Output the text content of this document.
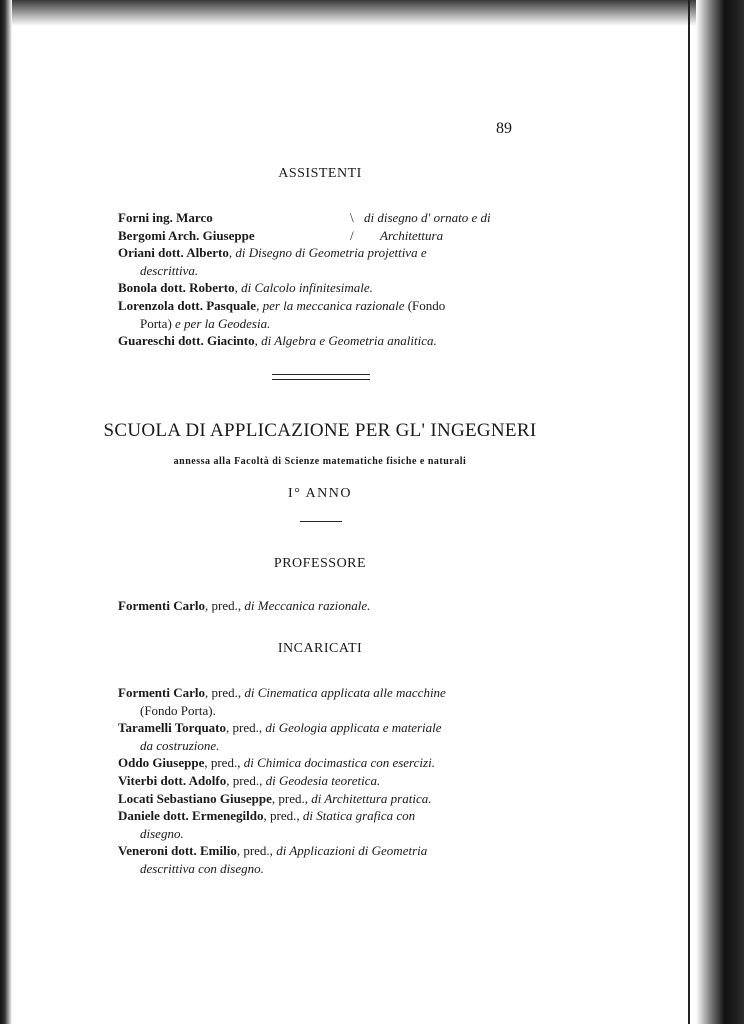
89
ASSISTENTI
Forni ing. Marco	\ di disegno d' ornato e di
Bergomi Arch. Giuseppe	/	Architettura
Oriani dott. Alberto, di Disegno di Geometria projettiva e
descrittiva.
Bonola dott. Roberto, di Calcolo infinitesimale.
Lorenzola dott. Pasquale, per la meccanica razionale (Fondo
Porta) e per la Geodesia.
Guareschi dott. Giacinto, di Algebra e Geometria analitica.
SCUOLA DI APPLICAZIONE PER GL' INGEGNERI
annessa alla Facoltà di Scienze matematiche fisiche e naturali
I° ANNO
PROFESSORE
Formenti Carlo, pred., di Meccanica razionale.
INCARICATI
Formenti Carlo, pred., di Cinematica applicata alle macchine
(Fondo Porta).
Taramelli Torquato, pred., di Geologia applicata e materiale
da costruzione.
Oddo Giuseppe, pred., di Chimica docimastica con esercizi.
Viterbi dott. Adolfo, pred., di Geodesia teoretica.
Locati Sebastiano Giuseppe, pred., di Architettura pratica.
Daniele dott. Ermenegildo, pred., di Statica grafica con
disegno.
Veneroni dott. Emilio, pred., di Applicazioni di Geometria
descrittiva con disegno.
